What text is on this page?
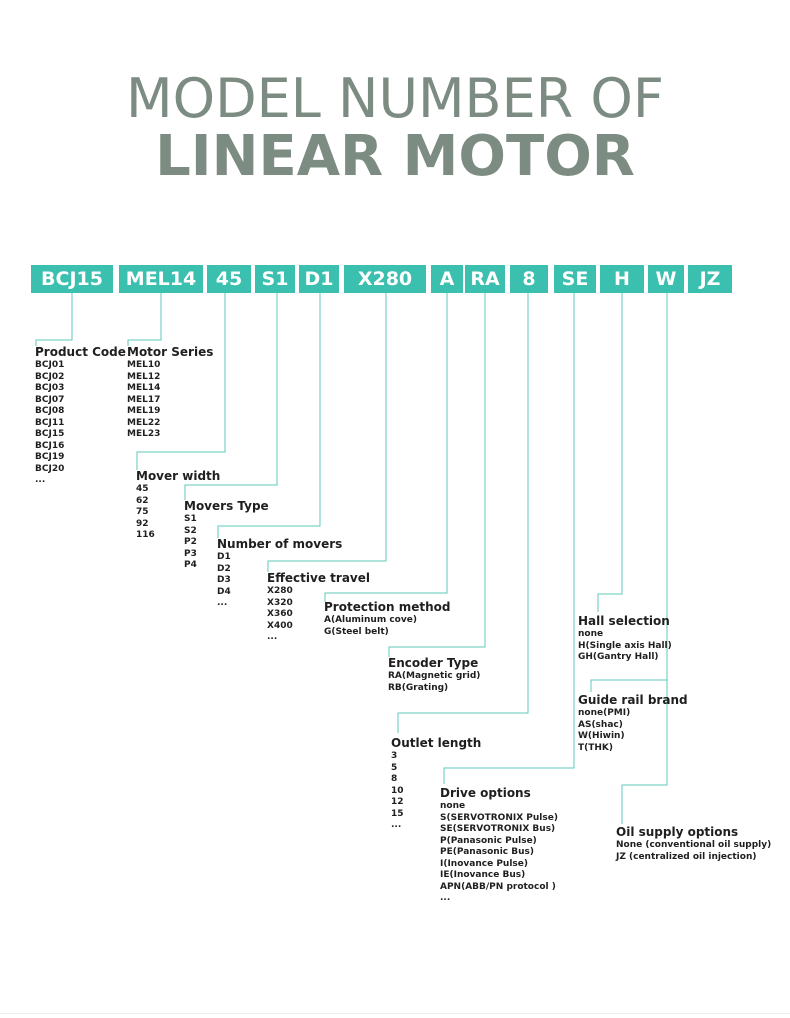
MODEL NUMBER OF
LINEAR MOTOR
BCJ15	MEL14	45	S1 D1	X280	A RA	8	SE	H	W	JZ
Product Code
BCJ01
BCJ02
BCJ03
BCJ07
BCJ08
BCJ11
BCJ15
BCJ16
BCJ19
BCJ20
...
Motor Series
MEL10
MEL12
MEL14
MEL17
MEL19
MEL22
MEL23
Mover width
45
62
75
92
116
Movers Type
S1
S2
P2
P3
P4
Number of movers
D1
D2
D3
D4
...
Effective travel
X280
X320
X360
X400
...
Protection method
A(Aluminum cove)
G(Steel belt)
Encoder Type
RA(Magnetic grid)
RB(Grating)
Outlet length
3
5
8
10
12
15
...
Drive options
none
S(SERVOTRONIX Pulse)
SE(SERVOTRONIX Bus)
P(Panasonic Pulse)
PE(Panasonic Bus)
I(Inovance Pulse)
IE(Inovance Bus)
APN(ABB/PN protocol )
...
Hall selection
none
H(Single axis Hall)
GH(Gantry Hall)
Guide rail brand
none(PMI)
AS(shac)
W(Hiwin)
T(THK)
Oil supply options
None (conventional oil supply)
JZ (centralized oil injection)
